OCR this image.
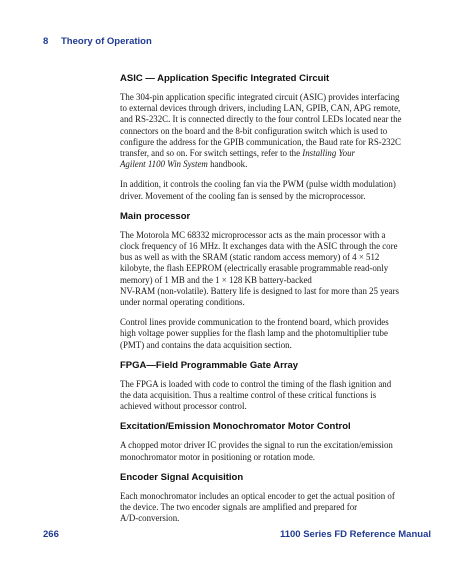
8 Theory of Operation
ASIC — Application Specific Integrated Circuit

The 304-pin application specific integrated circuit (ASIC) provides interfacing
to external devices through drivers, including LAN, GPIB, CAN, APG remote,
and RS-232C. It is connected directly to the four control LEDs located near the
connectors on the board and the 8-bit configuration switch which is used to
configure the address for the GPIB communication, the Baud rate for RS-232C
transfer, and so on. For switch settings, refer to the Installing Your
Agilent 1100 Win System handbook.

In addition, it controls the cooling fan via the PWM (pulse width modulation)
driver. Movement of the cooling fan is sensed by the microprocessor.

Main processor

The Motorola MC 68332 microprocessor acts as the main processor with a
clock frequency of 16 MHz. It exchanges data with the ASIC through the core
bus as well as with the SRAM (static random access memory) of 4 × 512
kilobyte, the flash EEPROM (electrically erasable programmable read-only
memory) of 1 MB and the 1 × 128 KB battery-backed
NV-RAM (non-volatile). Battery life is designed to last for more than 25 years
under normal operating conditions.

Control lines provide communication to the frontend board, which provides
high voltage power supplies for the flash lamp and the photomultiplier tube
(PMT) and contains the data acquisition section.

FPGA—Field Programmable Gate Array

The FPGA is loaded with code to control the timing of the flash ignition and
the data acquisition. Thus a realtime control of these critical functions is
achieved without processor control.

Excitation/Emission Monochromator Motor Control

A chopped motor driver IC provides the signal to run the excitation/emission
monochromator motor in positioning or rotation mode.

Encoder Signal Acquisition

Each monochromator includes an optical encoder to get the actual position of
the device. The two encoder signals are amplified and prepared for
A/D-conversion.

266	1100 Series FD Reference Manual
